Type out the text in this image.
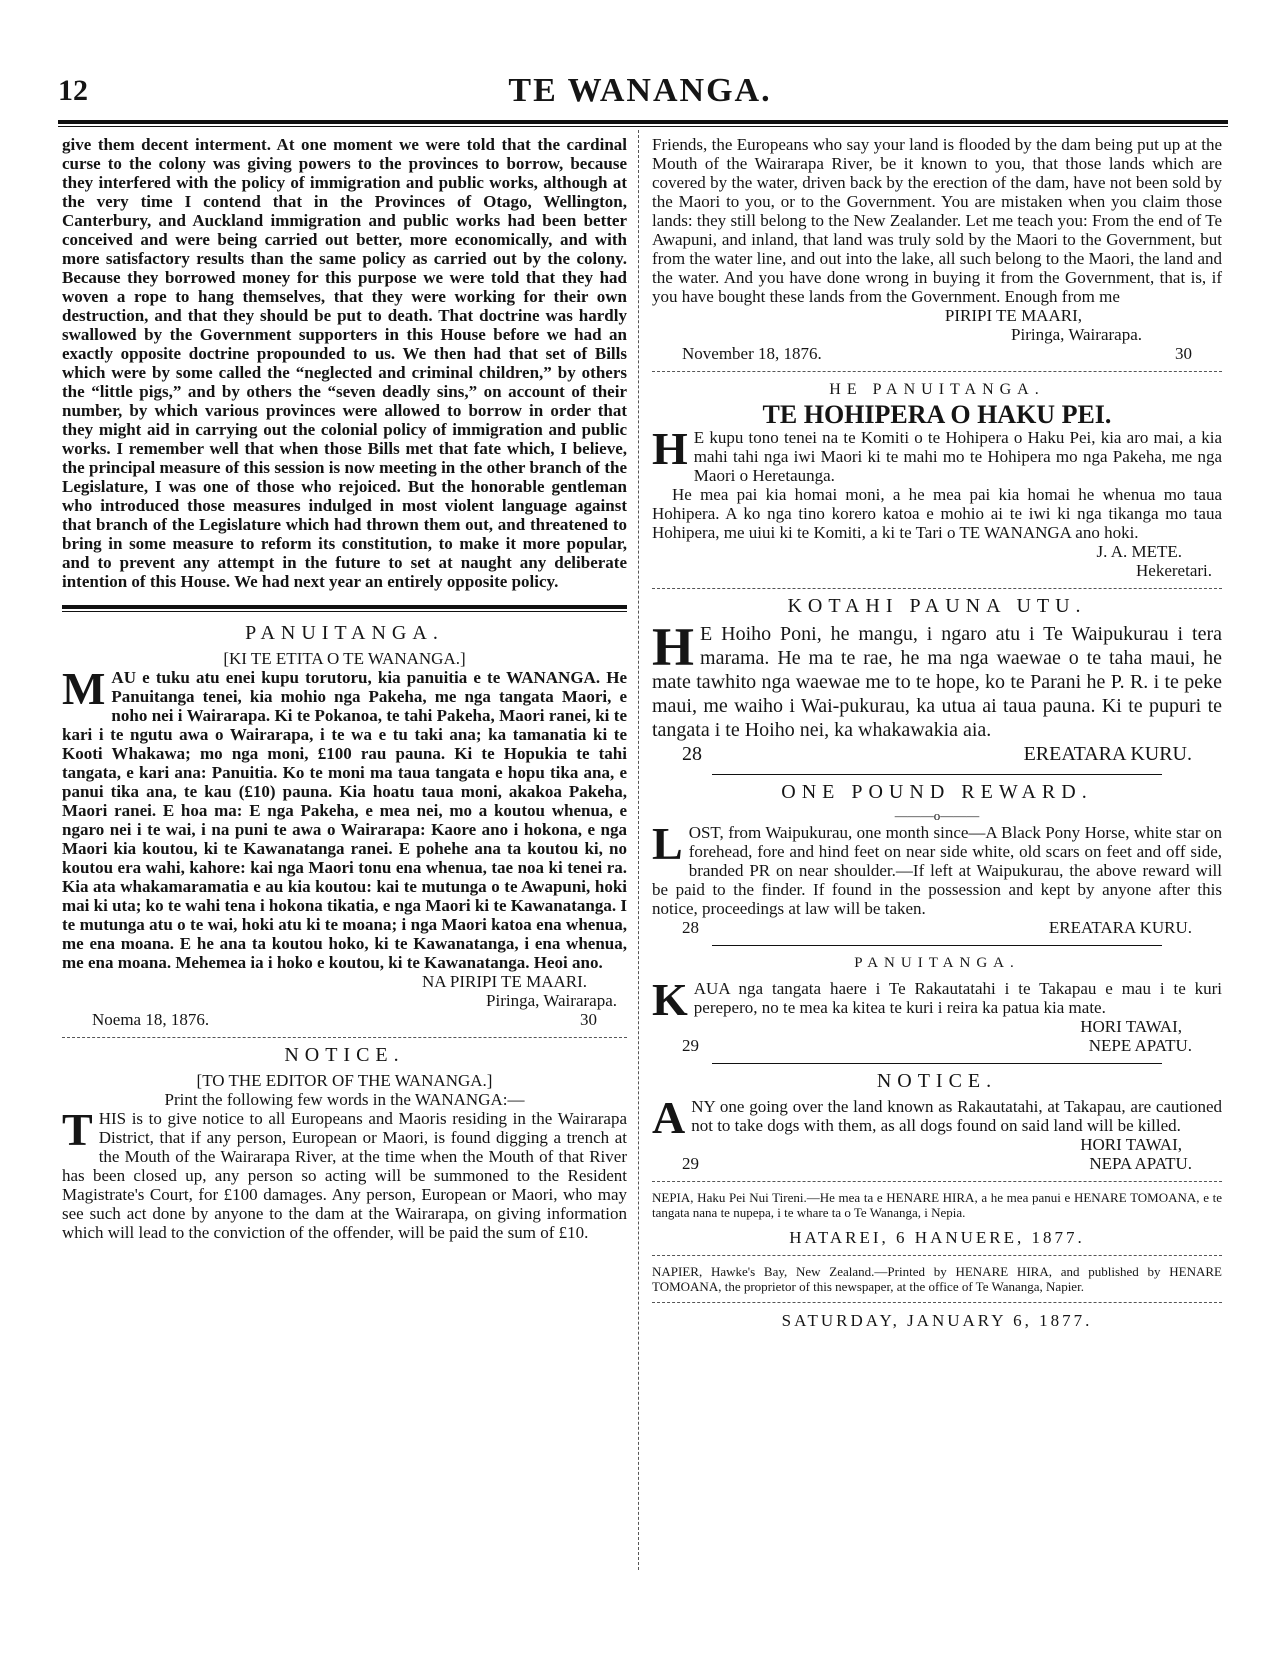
12	TE WANANGA.

give them decent interment. At one moment we were told that the cardinal curse to the colony was giving powers to the provinces to borrow, because they interfered with the policy of immigration and public works, although at the very time I contend that in the Provinces of Otago, Wellington, Canterbury, and Auckland immigration and public works had been better conceived and were being carried out better, more economically, and with more satisfactory results than the same policy as carried out by the colony. Because they borrowed money for this purpose we were told that they had woven a rope to hang themselves, that they were working for their own destruction, and that they should be put to death. That doctrine was hardly swallowed by the Government supporters in this House before we had an exactly opposite doctrine propounded to us. We then had that set of Bills which were by some called the “neglected and criminal children,” by others the “little pigs,” and by others the “seven deadly sins,” on account of their number, by which various provinces were allowed to borrow in order that they might aid in carrying out the colonial policy of immigration and public works. I remember well that when those Bills met that fate which, I believe, the principal measure of this session is now meeting in the other branch of the Legislature, I was one of those who rejoiced. But the honorable gentleman who introduced those measures indulged in most violent language against that branch of the Legislature which had thrown them out, and threatened to bring in some measure to reform its constitution, to make it more popular, and to prevent any attempt in the future to set at naught any deliberate intention of this House. We had next year an entirely opposite policy.

PANUITANGA.
[KI TE ETITA O TE WANANGA.]

MAU e tuku atu enei kupu torutoru, kia panuitia e te WANANGA. He Panuitanga tenei, kia mohio nga Pakeha, me nga tangata Maori, e noho nei i Wairarapa. Ki te Pokanoa, te tahi Pakeha, Maori ranei, ki te kari i te ngutu awa o Wairarapa, i te wa e tu taki ana; ka tamanatia ki te Kooti Whakawa; mo nga moni, £100 rau pauna. Ki te Hopukia te tahi tangata, e kari ana: Panuitia. Ko te moni ma taua tangata e hopu tika ana, e panui tika ana, te kau (£10) pauna. Kia hoatu taua moni, akakoa Pakeha, Maori ranei. E hoa ma: E nga Pakeha, e mea nei, mo a koutou whenua, e ngaro nei i te wai, i na puni te awa o Wairarapa: Kaore ano i hokona, e nga Maori kia koutou, ki te Kawanatanga ranei. E pohehe ana ta koutou ki, no koutou era wahi, kahore: kai nga Maori tonu ena whenua, tae noa ki tenei ra. Kia ata whakamaramatia e au kia koutou: kai te mutunga o te Awapuni, hoki mai ki uta; ko te wahi tena i hokona tikatia, e nga Maori ki te Kawanatanga. I te mutunga atu o te wai, hoki atu ki te moana; i nga Maori katoa ena whenua, me ena moana. E he ana ta koutou hoko, ki te Kawanatanga, i ena whenua, me ena moana. Mehemea ia i hoko e koutou, ki te Kawanatanga. Heoi ano.

NA PIRIPI TE MAARI.
Piringa, Wairarapa.
Noema 18, 1876.	30
NOTICE.
[TO THE EDITOR OF THE WANANGA.]
Print the following few words in the WANANGA:—

THIS is to give notice to all Europeans and Maoris residing in the Wairarapa District, that if any person, European or Maori, is found digging a trench at the Mouth of the Wairarapa River, at the time when the Mouth of that River has been closed up, any person so acting will be summoned to the Resident Magistrate's Court, for £100 damages. Any person, European or Maori, who may see such act done by anyone to the dam at the Wairarapa, on giving information which will lead to the conviction of the offender, will be paid the sum of £10.

Friends, the Europeans who say your land is flooded by the dam being put up at the Mouth of the Wairarapa River, be it known to you, that those lands which are covered by the water, driven back by the erection of the dam, have not been sold by the Maori to you, or to the Government. You are mistaken when you claim those lands: they still belong to the New Zealander. Let me teach you: From the end of Te Awapuni, and inland, that land was truly sold by the Maori to the Government, but from the water line, and out into the lake, all such belong to the Maori, the land and the water. And you have done wrong in buying it from the Government, that is, if you have bought these lands from the Government. Enough from me

PIRIPI TE MAARI,
Piringa, Wairarapa.
November 18, 1876.	30
HE PANUITANGA.
TE HOHIPERA O HAKU PEI.

H E kupu tono tenei na te Komiti o te Hohipera o Haku Pei, kia aro mai, a kia mahi tahi nga iwi Maori ki te mahi mo te Hohipera mo nga Pakeha, me nga Maori o Heretaunga.

He mea pai kia homai moni, a he mea pai kia homai he whenua mo taua Hohipera. A ko nga tino korero katoa e mohio ai te iwi ki nga tikanga mo taua Hohipera, me uiui ki te Komiti, a ki te Tari o TE WANANGA ano hoki.

J. A. METE.
Hekeretari.
KOTAHI PAUNA UTU.

H E Hoiho Poni, he mangu, i ngaro atu i Te Waipukurau i tera marama. He ma te rae, he ma nga waewae o te taha maui, he mate tawhito nga waewae me to te hope, ko te Parani he P. R. i te peke maui, me waiho i Wai-pukurau, ka utua ai taua pauna. Ki te pupuri te tangata i te Hoiho nei, ka whakawakia aia.

28	EREATARA KURU.
ONE POUND REWARD.
———o———

LOST, from Waipukurau, one month since—A Black Pony Horse, white star on forehead, fore and hind feet on near side white, old scars on feet and off side, branded PR on near shoulder.—If left at Waipukurau, the above reward will be paid to the finder. If found in the possession and kept by anyone after this notice, proceedings at law will be taken.

28	EREATARA KURU.
PANUITANGA.

KAUA nga tangata haere i Te Rakautatahi i te Takapau e mau i te kuri perepero, no te mea ka kitea te kuri i reira ka patua kia mate.

HORI TAWAI,
29	NEPE APATU.
NOTICE.

ANY one going over the land known as Rakautatahi, at Takapau, are cautioned not to take dogs with them, as all dogs found on said land will be killed.

HORI TAWAI,
29	NEPA APATU.

NEPIA, Haku Pei Nui Tireni.—He mea ta e HENARE HIRA, a he mea panui e HENARE TOMOANA, e te tangata nana te nupepa, i te whare ta o Te Wananga, i Nepia.

HATAREI, 6 HANUERE, 1877.

NAPIER, Hawke's Bay, New Zealand.—Printed by HENARE HIRA, and published by HENARE TOMOANA, the proprietor of this newspaper, at the office of Te Wananga, Napier.

SATURDAY, JANUARY 6, 1877.
